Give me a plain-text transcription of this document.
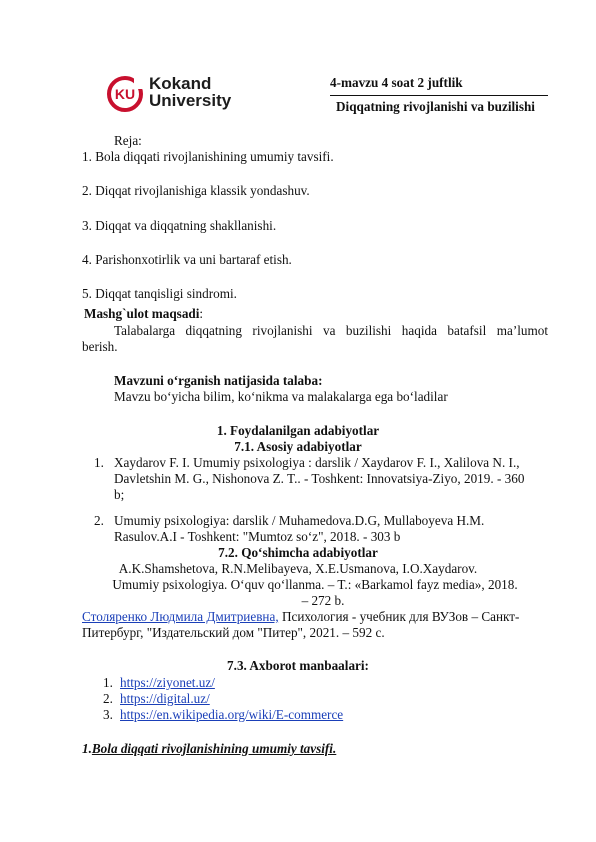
KU
Kokand
University
4-mavzu 4 soat 2 juftlik
Diqqatning rivojlanishi va buzilishi
Reja:
1. Bola diqqati rivojlanishining umumiy tavsifi.
2. Diqqat rivojlanishiga klassik yondashuv.
3. Diqqat va diqqatning shakllanishi.
4. Parishonxotirlik va uni bartaraf etish.
5. Diqqat tanqisligi sindromi.
Mashg`ulot maqsadi:
Talabalarga diqqatning rivojlanishi va buzilishi haqida batafsil ma’lumot berish.
Mavzuni o‘rganish natijasida talaba:
Mavzu bo‘yicha bilim, ko‘nikma va malakalarga ega bo‘ladilar
1. Foydalanilgan adabiyotlar
7.1. Asosiy adabiyotlar
1. Xaydarov F. I. Umumiy psixologiya : darslik / Xaydarov F. I., Xalilova N. I.,
Davletshin M. G., Nishonova Z. T.. - Toshkent: Innovatsiya-Ziyo, 2019. - 360
b;
2. Umumiy psixologiya: darslik / Muhamedova.D.G, Mullaboyeva H.M.
Rasulov.A.I - Toshkent: "Mumtoz so‘z", 2018. - 303 b
7.2. Qo‘shimcha adabiyotlar
A.K.Shamshetova, R.N.Melibayeva, X.E.Usmanova, I.O.Xaydarov.
Umumiy psixologiya. O‘quv qo‘llanma. – T.: «Barkamol fayz media», 2018.
– 272 b.
Столяренко Людмила Дмитриевна, Психология - учебник для ВУЗов – Санкт-
Питербург, "Издательский дом "Питер", 2021. – 592 с.
7.3. Axborot manbaalari:
1. https://ziyonet.uz/
2. https://digital.uz/
3. https://en.wikipedia.org/wiki/E-commerce
1.Bola diqqati rivojlanishining umumiy tavsifi.
